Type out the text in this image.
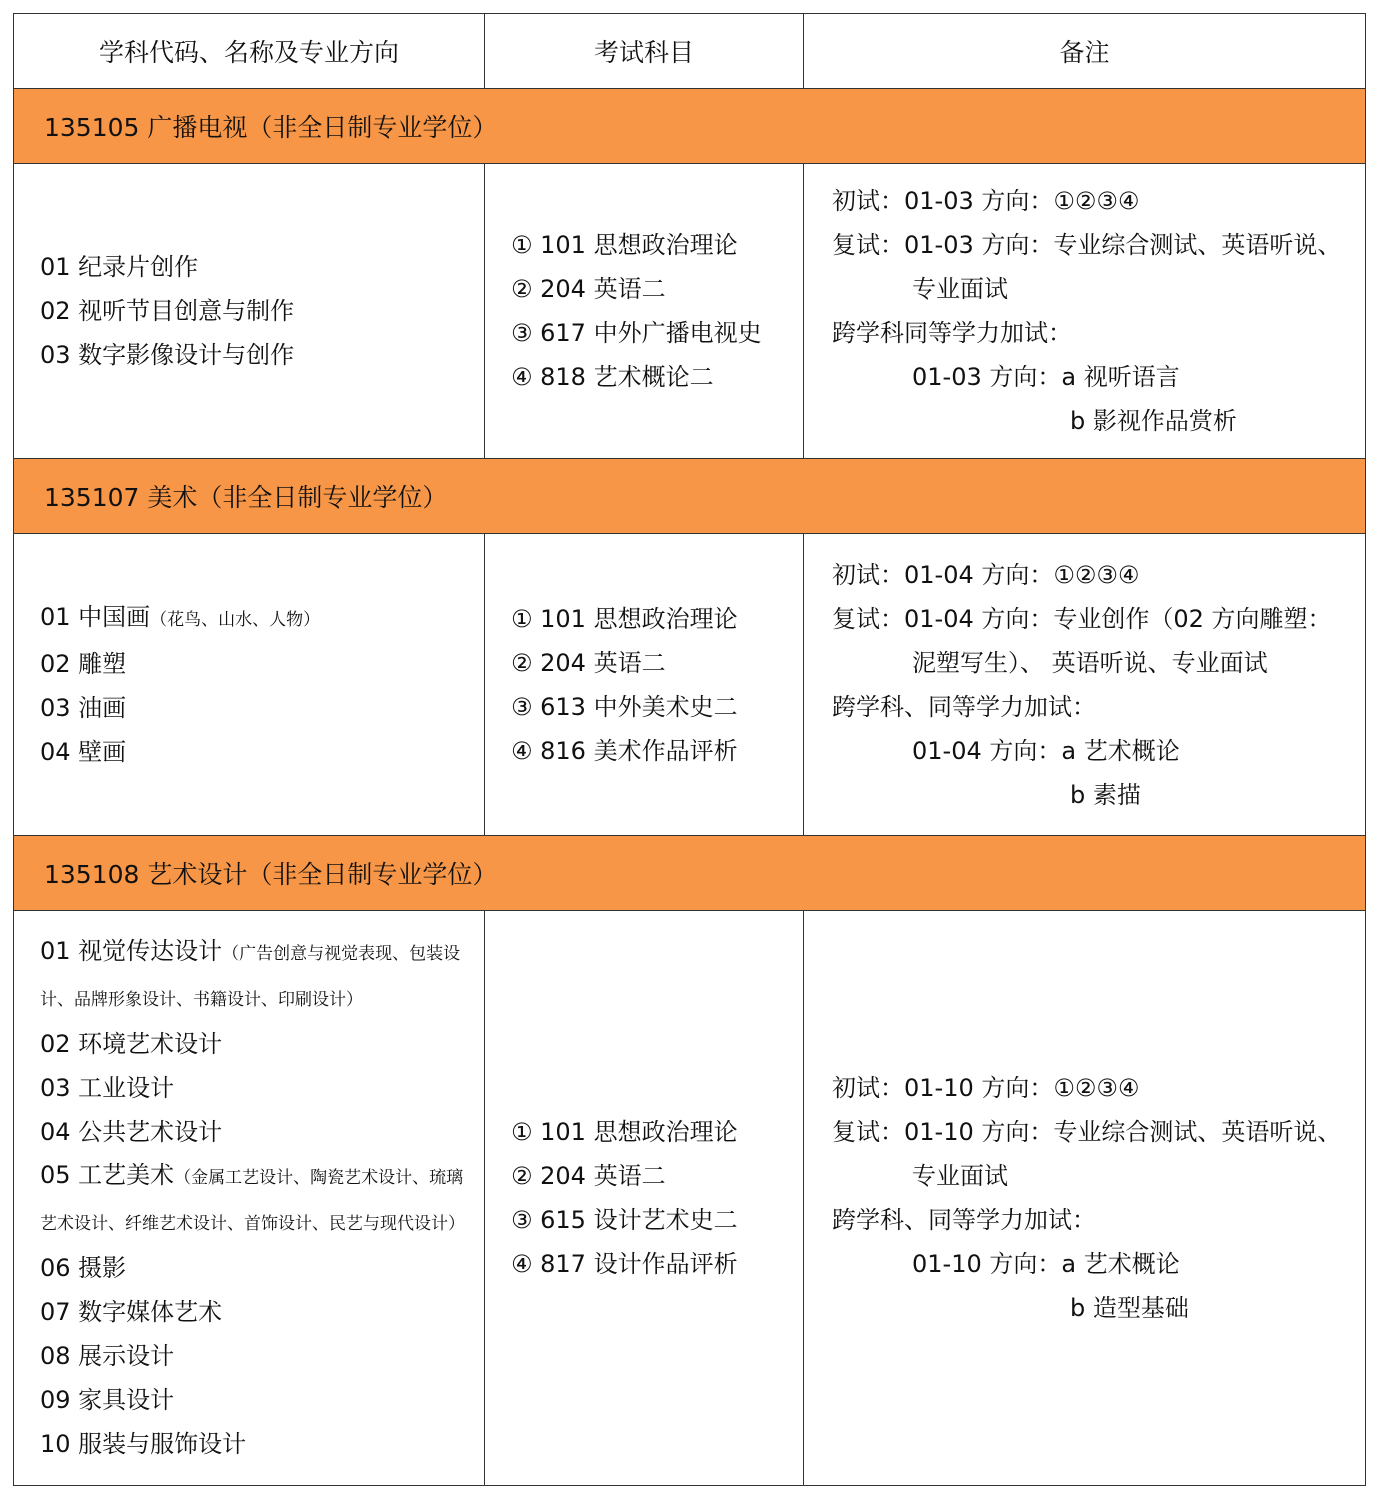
学科代码、名称及专业方向	考试科目	备注
135105 广播电视（非全日制专业学位）
01 纪录片创作
02 视听节目创意与制作
03 数字影像设计与创作
① 101 思想政治理论
② 204 英语二
③ 617 中外广播电视史
④ 818 艺术概论二
初试：01-03 方向：①②③④
复试：01-03 方向：专业综合测试、英语听说、
专业面试
跨学科同等学力加试：
01-03 方向：a 视听语言
b 影视作品赏析
135107 美术（非全日制专业学位）
01 中国画（花鸟、山水、人物）
02 雕塑
03 油画
04 壁画
① 101 思想政治理论
② 204 英语二
③ 613 中外美术史二
④ 816 美术作品评析
初试：01-04 方向：①②③④
复试：01-04 方向：专业创作（02 方向雕塑：
泥塑写生）、 英语听说、专业面试
跨学科、同等学力加试：
01-04 方向：a 艺术概论
b 素描
135108 艺术设计（非全日制专业学位）
01 视觉传达设计（广告创意与视觉表现、包装设计、品牌形象设计、书籍设计、印刷设计）
02 环境艺术设计
03 工业设计
04 公共艺术设计
05 工艺美术（金属工艺设计、陶瓷艺术设计、琉璃艺术设计、纤维艺术设计、首饰设计、民艺与现代设计）
06 摄影
07 数字媒体艺术
08 展示设计
09 家具设计
10 服装与服饰设计
① 101 思想政治理论
② 204 英语二
③ 615 设计艺术史二
④ 817 设计作品评析
初试：01-10 方向：①②③④
复试：01-10 方向：专业综合测试、英语听说、
专业面试
跨学科、同等学力加试：
01-10 方向：a 艺术概论
b 造型基础
